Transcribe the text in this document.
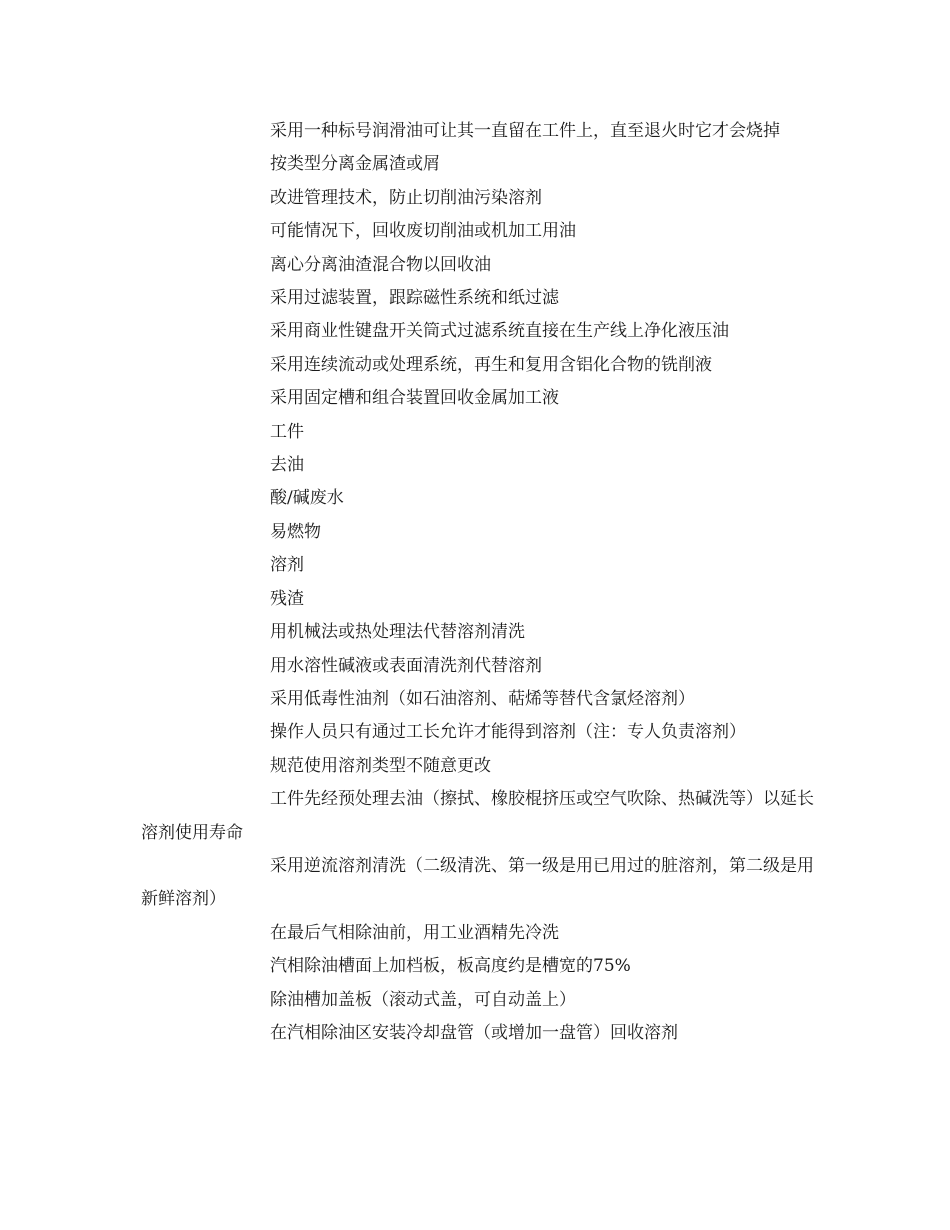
采用一种标号润滑油可让其一直留在工件上，直至退火时它才会烧掉

按类型分离金属渣或屑

改进管理技术，防止切削油污染溶剂

可能情况下，回收废切削油或机加工用油

离心分离油渣混合物以回收油

采用过滤装置，跟踪磁性系统和纸过滤

采用商业性键盘开关筒式过滤系统直接在生产线上净化液压油

采用连续流动或处理系统，再生和复用含铝化合物的铣削液

采用固定槽和组合装置回收金属加工液

工件

去油

酸/碱废水

易燃物

溶剂

残渣

用机械法或热处理法代替溶剂清洗

用水溶性碱液或表面清洗剂代替溶剂

采用低毒性油剂（如石油溶剂、萜烯等替代含氯烃溶剂）

操作人员只有通过工长允许才能得到溶剂（注：专人负责溶剂）

规范使用溶剂类型不随意更改

工件先经预处理去油（擦拭、橡胶棍挤压或空气吹除、热碱洗等）以延长溶剂使用寿命

采用逆流溶剂清洗（二级清洗、第一级是用已用过的脏溶剂，第二级是用新鲜溶剂）

在最后气相除油前，用工业酒精先冷洗

汽相除油槽面上加档板，板高度约是槽宽的75%

除油槽加盖板（滚动式盖，可自动盖上）

在汽相除油区安装冷却盘管（或增加一盘管）回收溶剂
